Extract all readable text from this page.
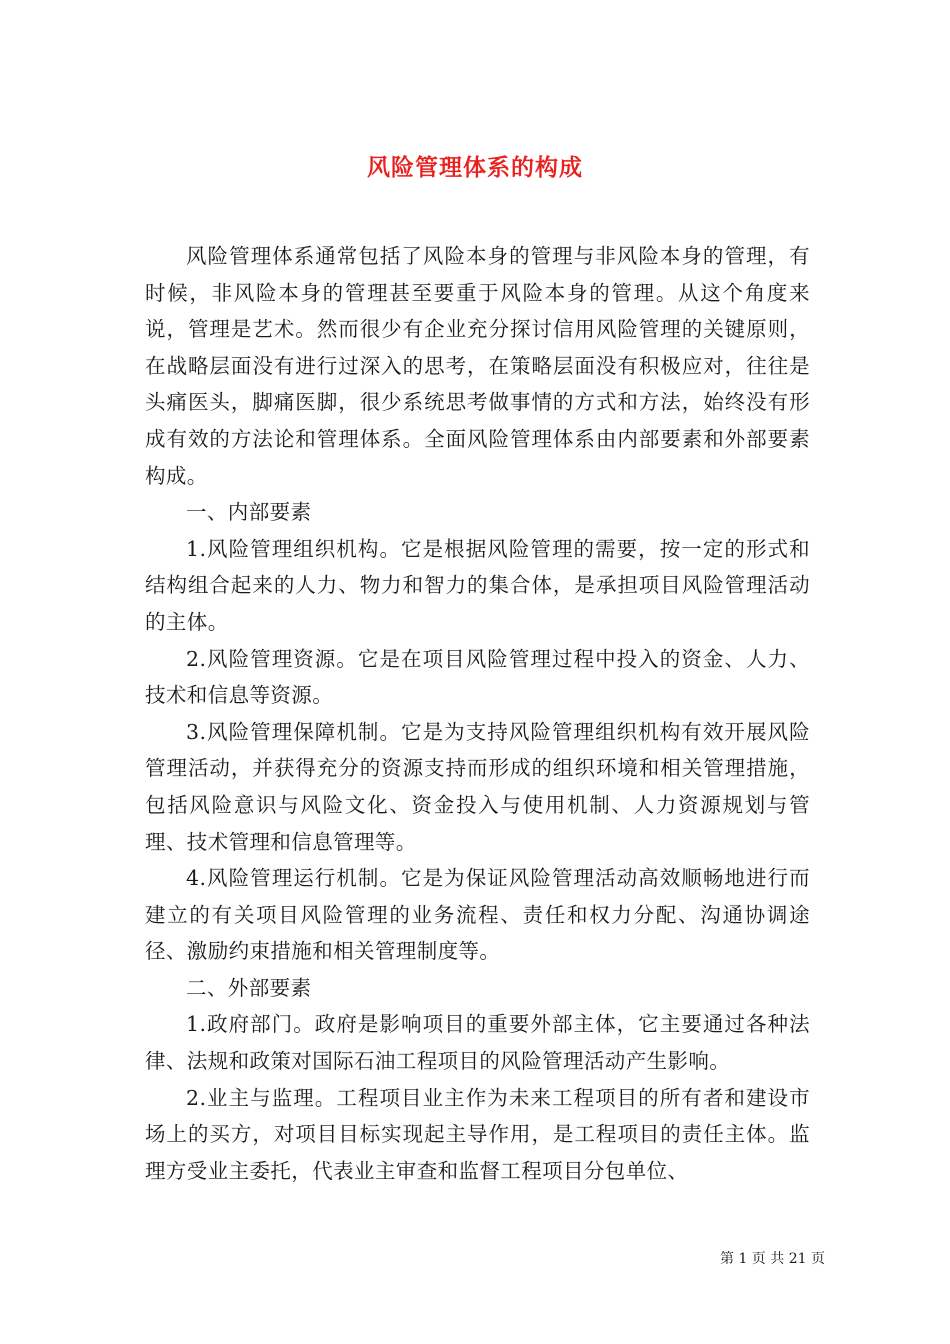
风险管理体系的构成

风险管理体系通常包括了风险本身的管理与非风险本身的管理，有时候，非风险本身的管理甚至要重于风险本身的管理。从这个角度来说，管理是艺术。然而很少有企业充分探讨信用风险管理的关键原则，在战略层面没有进行过深入的思考，在策略层面没有积极应对，往往是头痛医头，脚痛医脚，很少系统思考做事情的方式和方法，始终没有形成有效的方法论和管理体系。全面风险管理体系由内部要素和外部要素构成。

一、内部要素

1.风险管理组织机构。它是根据风险管理的需要，按一定的形式和结构组合起来的人力、物力和智力的集合体，是承担项目风险管理活动的主体。

2.风险管理资源。它是在项目风险管理过程中投入的资金、人力、技术和信息等资源。

3.风险管理保障机制。它是为支持风险管理组织机构有效开展风险管理活动，并获得充分的资源支持而形成的组织环境和相关管理措施，包括风险意识与风险文化、资金投入与使用机制、人力资源规划与管理、技术管理和信息管理等。

4.风险管理运行机制。它是为保证风险管理活动高效顺畅地进行而建立的有关项目风险管理的业务流程、责任和权力分配、沟通协调途径、激励约束措施和相关管理制度等。

二、外部要素

1.政府部门。政府是影响项目的重要外部主体，它主要通过各种法律、法规和政策对国际石油工程项目的风险管理活动产生影响。

2.业主与监理。工程项目业主作为未来工程项目的所有者和建设市场上的买方，对项目目标实现起主导作用，是工程项目的责任主体。监理方受业主委托，代表业主审查和监督工程项目分包单位、

第 1 页 共 21 页
